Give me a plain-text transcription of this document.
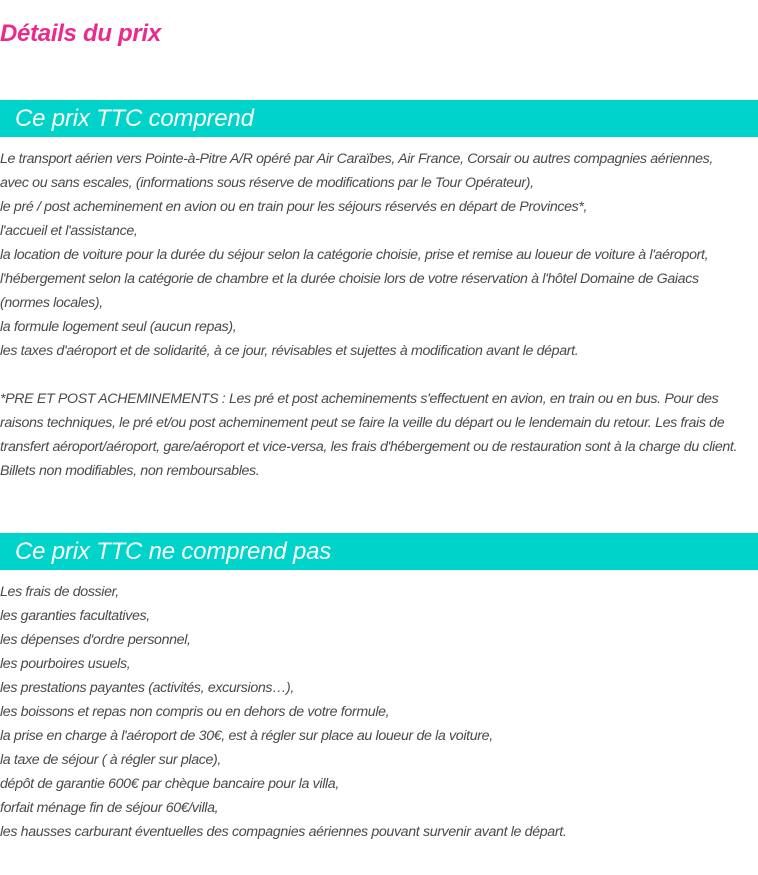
Détails du prix
Ce prix TTC comprend
Le transport aérien vers Pointe-à-Pitre A/R opéré par Air Caraïbes, Air France, Corsair ou autres compagnies aériennes,
avec ou sans escales, (informations sous réserve de modifications par le Tour Opérateur),
le pré / post acheminement en avion ou en train pour les séjours réservés en départ de Provinces*,
l'accueil et l'assistance,
la location de voiture pour la durée du séjour selon la catégorie choisie, prise et remise au loueur de voiture à l'aéroport,
l'hébergement selon la catégorie de chambre et la durée choisie lors de votre réservation à l'hôtel Domaine de Gaiacs
(normes locales),
la formule logement seul (aucun repas),
les taxes d'aéroport et de solidarité, à ce jour, révisables et sujettes à modification avant le départ.
*PRE ET POST ACHEMINEMENTS : Les pré et post acheminements s'effectuent en avion, en train ou en bus. Pour des raisons techniques, le pré et/ou post acheminement peut se faire la veille du départ ou le lendemain du retour. Les frais de transfert aéroport/aéroport, gare/aéroport et vice-versa, les frais d'hébergement ou de restauration sont à la charge du client. Billets non modifiables, non remboursables.
Ce prix TTC ne comprend pas
Les frais de dossier,
les garanties facultatives,
les dépenses d'ordre personnel,
les pourboires usuels,
les prestations payantes (activités, excursions…),
les boissons et repas non compris ou en dehors de votre formule,
la prise en charge à l'aéroport de 30€, est à régler sur place au loueur de la voiture,
la taxe de séjour ( à régler sur place),
dépôt de garantie 600€ par chèque bancaire pour la villa,
forfait ménage fin de séjour 60€/villa,
les hausses carburant éventuelles des compagnies aériennes pouvant survenir avant le départ.
